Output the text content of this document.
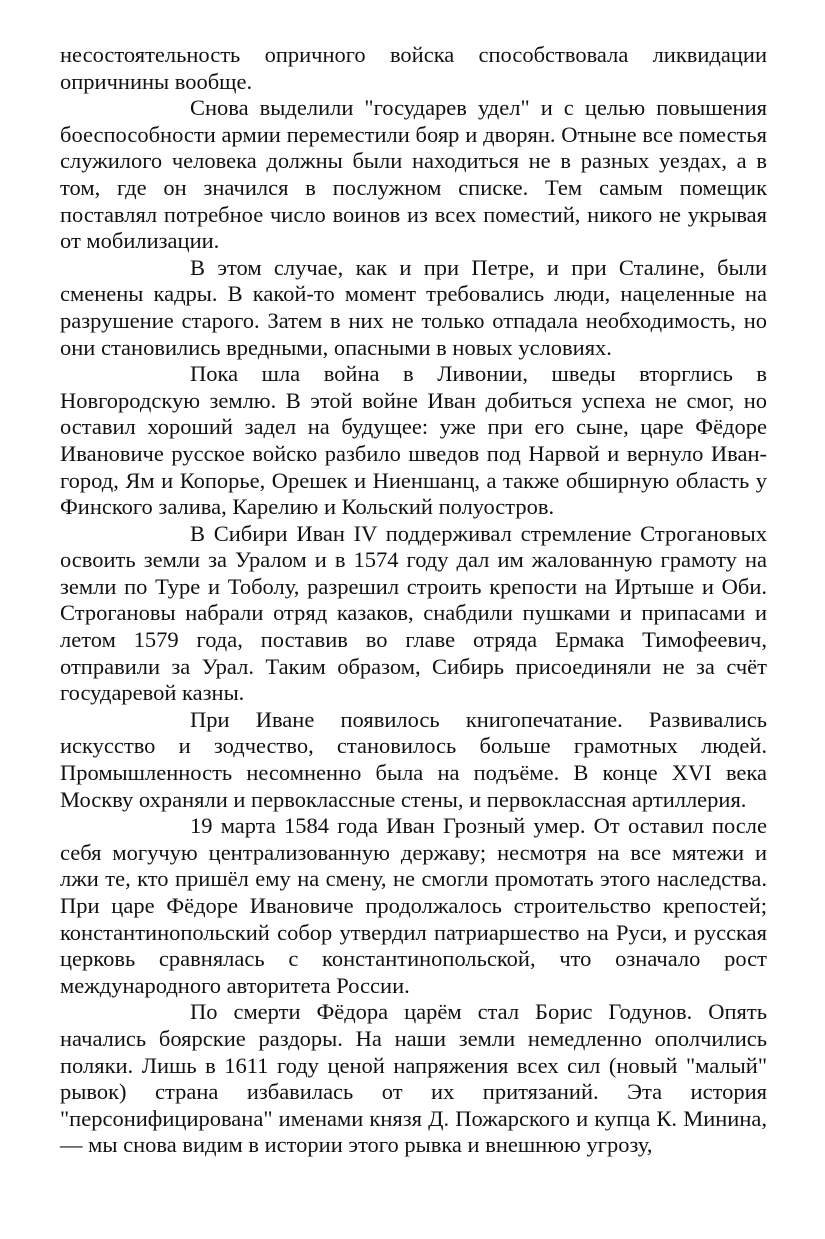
несостоятельность опричного войска способствовала ликвидации опричнины вообще.

Снова выделили "государев удел" и с целью повышения боеспособности армии переместили бояр и дворян. Отныне все поместья служилого человека должны были находиться не в разных уездах, а в том, где он значился в послужном списке. Тем самым помещик поставлял потребное число воинов из всех поместий, никого не укрывая от мобилизации.

В этом случае, как и при Петре, и при Сталине, были сменены кадры. В какой-то момент требовались люди, нацеленные на разрушение старого. Затем в них не только отпадала необходимость, но они становились вредными, опасными в новых условиях.

Пока шла война в Ливонии, шведы вторглись в Новгородскую землю. В этой войне Иван добиться успеха не смог, но оставил хороший задел на будущее: уже при его сыне, царе Фёдоре Ивановиче русское войско разбило шведов под Нарвой и вернуло Иван-город, Ям и Копорье, Орешек и Ниеншанц, а также обширную область у Финского залива, Карелию и Кольский полуостров.

В Сибири Иван IV поддерживал стремление Строгановых освоить земли за Уралом и в 1574 году дал им жалованную грамоту на земли по Туре и Тоболу, разрешил строить крепости на Иртыше и Оби. Строгановы набрали отряд казаков, снабдили пушками и припасами и летом 1579 года, поставив во главе отряда Ермака Тимофеевич, отправили за Урал. Таким образом, Сибирь присоединяли не за счёт государевой казны.

При Иване появилось книгопечатание. Развивались искусство и зодчество, становилось больше грамотных людей. Промышленность несомненно была на подъёме. В конце XVI века Москву охраняли и первоклассные стены, и первоклассная артиллерия.

19 марта 1584 года Иван Грозный умер. От оставил после себя могучую централизованную державу; несмотря на все мятежи и лжи те, кто пришёл ему на смену, не смогли промотать этого наследства. При царе Фёдоре Ивановиче продолжалось строительство крепостей; константинопольский собор утвердил патриаршество на Руси, и русская церковь сравнялась с константинопольской, что означало рост международного авторитета России.

По смерти Фёдора царём стал Борис Годунов. Опять начались боярские раздоры. На наши земли немедленно ополчились поляки. Лишь в 1611 году ценой напряжения всех сил (новый "малый" рывок) страна избавилась от их притязаний. Эта история "персонифицирована" именами князя Д. Пожарского и купца К. Минина, — мы снова видим в истории этого рывка и внешнюю угрозу,
